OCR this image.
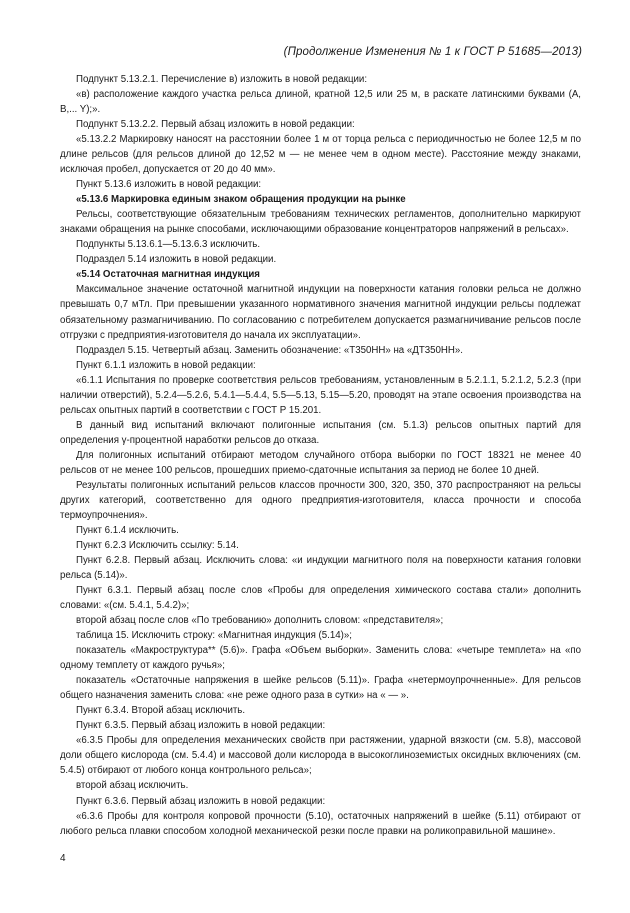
(Продолжение Изменения № 1 к ГОСТ Р 51685—2013)

Подпункт 5.13.2.1. Перечисление в) изложить в новой редакции:

«в) расположение каждого участка рельса длиной, кратной 12,5 или 25 м, в раскате латинскими буквами (A, B,... Y);».

Подпункт 5.13.2.2. Первый абзац изложить в новой редакции:

«5.13.2.2 Маркировку наносят на расстоянии более 1 м от торца рельса с периодичностью не более 12,5 м по длине рельсов (для рельсов длиной до 12,52 м — не менее чем в одном месте). Расстояние между знаками, исключая пробел, допускается от 20 до 40 мм».

Пункт 5.13.6 изложить в новой редакции:

«5.13.6 Маркировка единым знаком обращения продукции на рынке

Рельсы, соответствующие обязательным требованиям технических регламентов, дополнительно маркируют знаками обращения на рынке способами, исключающими образование концентраторов напряжений в рельсах».

Подпункты 5.13.6.1—5.13.6.3 исключить.

Подраздел 5.14 изложить в новой редакции.

«5.14 Остаточная магнитная индукция

Максимальное значение остаточной магнитной индукции на поверхности катания головки рельса не должно превышать 0,7 мТл. При превышении указанного нормативного значения магнитной индукции рельсы подлежат обязательному размагничиванию. По согласованию с потребителем допускается размагничивание рельсов после отгрузки с предприятия-изготовителя до начала их эксплуатации».

Подраздел 5.15. Четвертый абзац. Заменить обозначение: «Т350НН» на «ДТ350НН».

Пункт 6.1.1 изложить в новой редакции:

«6.1.1 Испытания по проверке соответствия рельсов требованиям, установленным в 5.2.1.1, 5.2.1.2, 5.2.3 (при наличии отверстий), 5.2.4—5.2.6, 5.4.1—5.4.4, 5.5—5.13, 5.15—5.20, проводят на этапе освоения производства на рельсах опытных партий в соответствии с ГОСТ Р 15.201.

В данный вид испытаний включают полигонные испытания (см. 5.1.3) рельсов опытных партий для определения γ-процентной наработки рельсов до отказа.

Для полигонных испытаний отбирают методом случайного отбора выборки по ГОСТ 18321 не менее 40 рельсов от не менее 100 рельсов, прошедших приемо-сдаточные испытания за период не более 10 дней.

Результаты полигонных испытаний рельсов классов прочности 300, 320, 350, 370 распространяют на рельсы других категорий, соответственно для одного предприятия-изготовителя, класса прочности и способа термоупрочнения».

Пункт 6.1.4 исключить.

Пункт 6.2.3 Исключить ссылку: 5.14.

Пункт 6.2.8. Первый абзац. Исключить слова: «и индукции магнитного поля на поверхности катания головки рельса (5.14)».

Пункт 6.3.1. Первый абзац после слов «Пробы для определения химического состава стали» дополнить словами: «(см. 5.4.1, 5.4.2)»;

второй абзац после слов «По требованию» дополнить словом: «представителя»;

таблица 15. Исключить строку: «Магнитная индукция (5.14)»;

показатель «Макроструктура** (5.6)». Графа «Объем выборки». Заменить слова: «четыре темплета» на «по одному темплету от каждого ручья»;

показатель «Остаточные напряжения в шейке рельсов (5.11)». Графа «нетермоупрочненные». Для рельсов общего назначения заменить слова: «не реже одного раза в сутки» на « — ».

Пункт 6.3.4. Второй абзац исключить.

Пункт 6.3.5. Первый абзац изложить в новой редакции:

«6.3.5 Пробы для определения механических свойств при растяжении, ударной вязкости (см. 5.8), массовой доли общего кислорода (см. 5.4.4) и массовой доли кислорода в высокоглиноземистых оксидных включениях (см. 5.4.5) отбирают от любого конца контрольного рельса»;

второй абзац исключить.

Пункт 6.3.6. Первый абзац изложить в новой редакции:

«6.3.6 Пробы для контроля копровой прочности (5.10), остаточных напряжений в шейке (5.11) отбирают от любого рельса плавки способом холодной механической резки после правки на роликоправильной машине».

4
